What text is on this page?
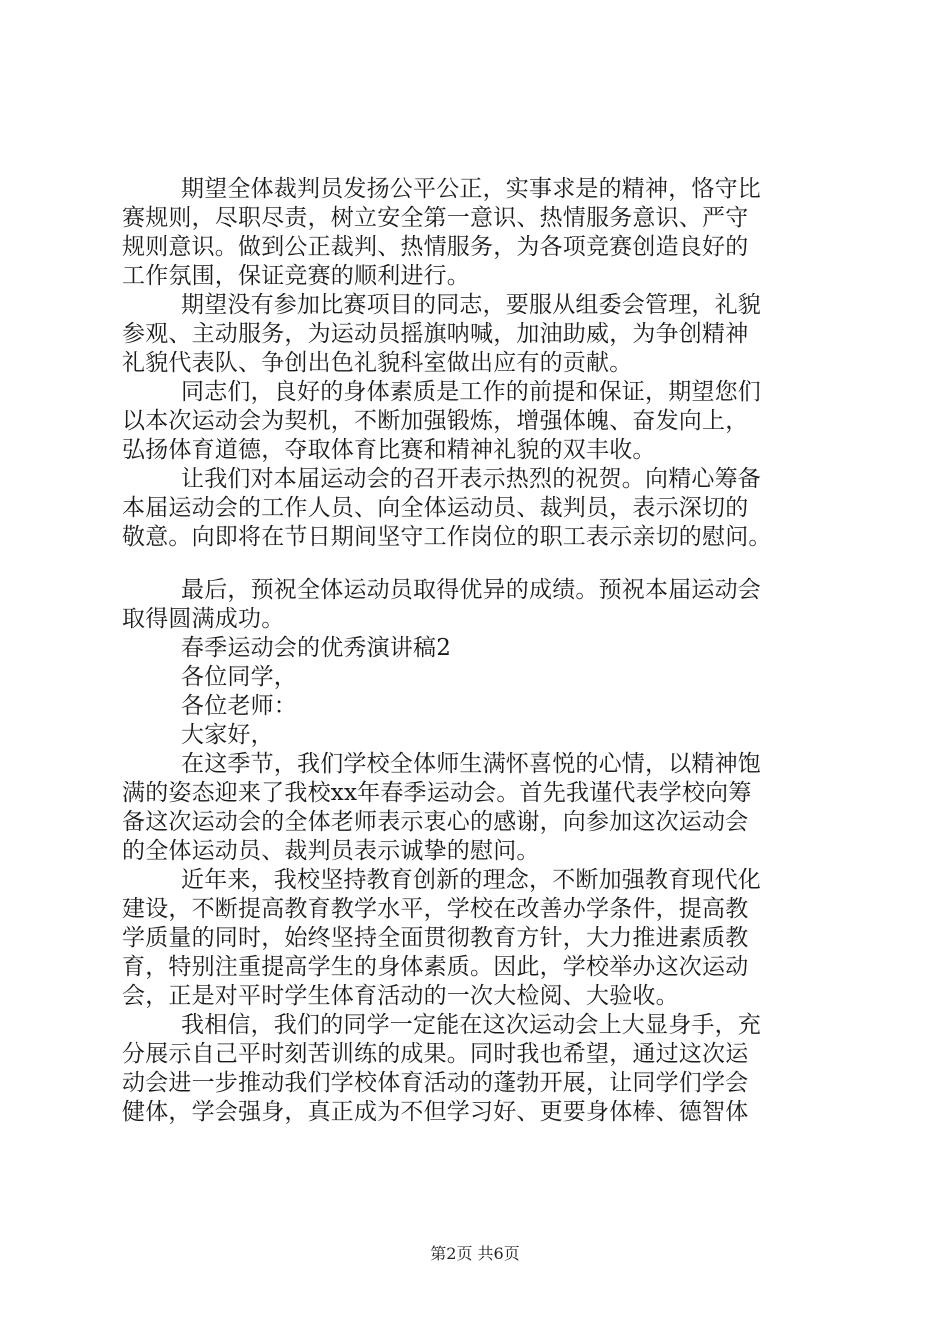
期望全体裁判员发扬公平公正，实事求是的精神，恪守比
赛规则，尽职尽责，树立安全第一意识、热情服务意识、严守
规则意识。做到公正裁判、热情服务，为各项竞赛创造良好的
工作氛围，保证竞赛的顺利进行。
期望没有参加比赛项目的同志，要服从组委会管理，礼貌
参观、主动服务，为运动员摇旗呐喊，加油助威，为争创精神
礼貌代表队、争创出色礼貌科室做出应有的贡献。
同志们，良好的身体素质是工作的前提和保证，期望您们
以本次运动会为契机，不断加强锻炼，增强体魄、奋发向上，
弘扬体育道德，夺取体育比赛和精神礼貌的双丰收。
让我们对本届运动会的召开表示热烈的祝贺。向精心筹备
本届运动会的工作人员、向全体运动员、裁判员，表示深切的
敬意。向即将在节日期间坚守工作岗位的职工表示亲切的慰问。
最后，预祝全体运动员取得优异的成绩。预祝本届运动会
取得圆满成功。
春季运动会的优秀演讲稿2
各位同学，
各位老师：
大家好，
在这季节，我们学校全体师生满怀喜悦的心情，以精神饱
满的姿态迎来了我校xx年春季运动会。首先我谨代表学校向筹
备这次运动会的全体老师表示衷心的感谢，向参加这次运动会
的全体运动员、裁判员表示诚挚的慰问。
近年来，我校坚持教育创新的理念，不断加强教育现代化
建设，不断提高教育教学水平，学校在改善办学条件，提高教
学质量的同时，始终坚持全面贯彻教育方针，大力推进素质教
育，特别注重提高学生的身体素质。因此，学校举办这次运动
会，正是对平时学生体育活动的一次大检阅、大验收。
我相信，我们的同学一定能在这次运动会上大显身手，充
分展示自己平时刻苦训练的成果。同时我也希望，通过这次运
动会进一步推动我们学校体育活动的蓬勃开展，让同学们学会
健体，学会强身，真正成为不但学习好、更要身体棒、德智体
第2页 共6页
